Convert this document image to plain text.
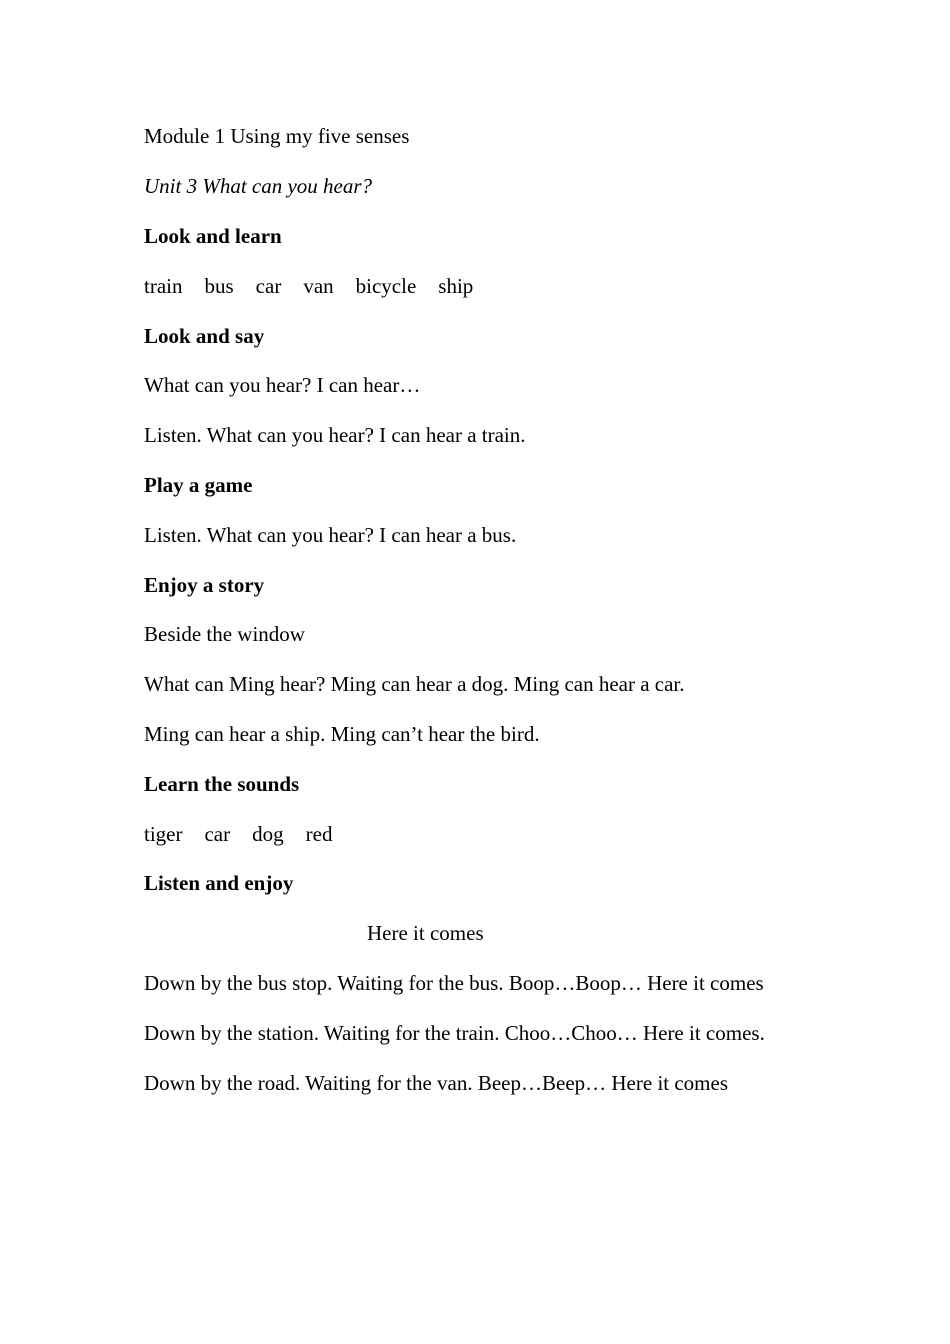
Module 1 Using my five senses
Unit 3 What can you hear?
Look and learn
train bus car van bicycle ship
Look and say
What can you hear? I can hear…
Listen. What can you hear? I can hear a train.
Play a game
Listen. What can you hear? I can hear a bus.
Enjoy a story
Beside the window
What can Ming hear? Ming can hear a dog. Ming can hear a car.
Ming can hear a ship. Ming can’t hear the bird.
Learn the sounds
tiger car dog red
Listen and enjoy
Here it comes
Down by the bus stop. Waiting for the bus. Boop…Boop… Here it comes
Down by the station. Waiting for the train. Choo…Choo… Here it comes.
Down by the road. Waiting for the van. Beep…Beep… Here it comes
